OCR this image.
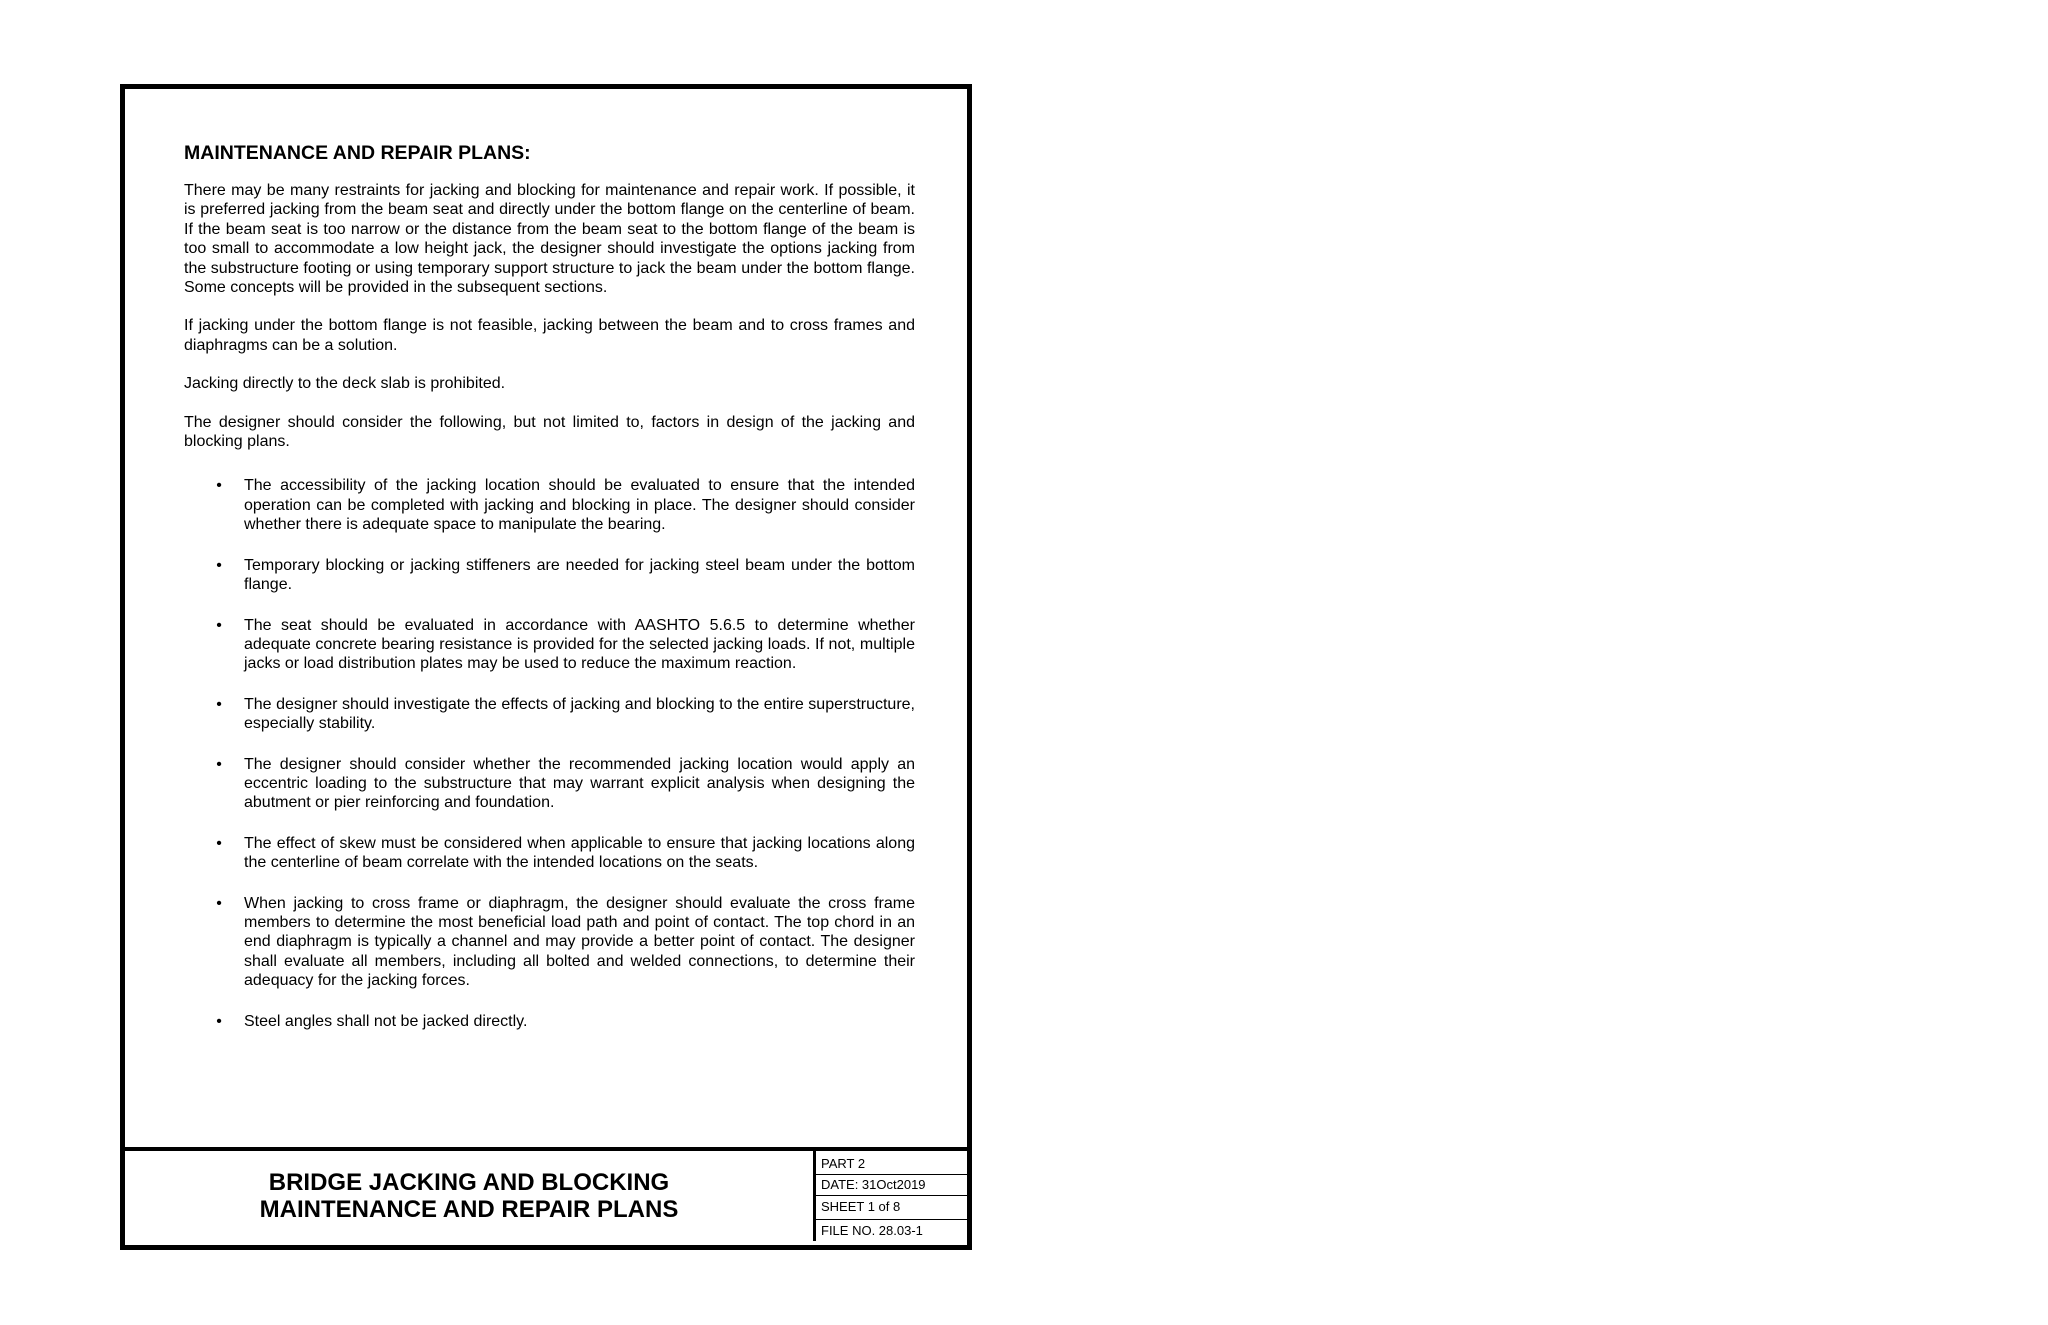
MAINTENANCE AND REPAIR PLANS:

There may be many restraints for jacking and blocking for maintenance and repair work. If possible, it is preferred jacking from the beam seat and directly under the bottom flange on the centerline of beam. If the beam seat is too narrow or the distance from the beam seat to the bottom flange of the beam is too small to accommodate a low height jack, the designer should investigate the options jacking from the substructure footing or using temporary support structure to jack the beam under the bottom flange. Some concepts will be provided in the subsequent sections.

If jacking under the bottom flange is not feasible, jacking between the beam and to cross frames and diaphragms can be a solution.

Jacking directly to the deck slab is prohibited.

The designer should consider the following, but not limited to, factors in design of the jacking and blocking plans.

• The accessibility of the jacking location should be evaluated to ensure that the intended operation can be completed with jacking and blocking in place. The designer should consider whether there is adequate space to manipulate the bearing.
• Temporary blocking or jacking stiffeners are needed for jacking steel beam under the bottom flange.
• The seat should be evaluated in accordance with AASHTO 5.6.5 to determine whether adequate concrete bearing resistance is provided for the selected jacking loads. If not, multiple jacks or load distribution plates may be used to reduce the maximum reaction.
• The designer should investigate the effects of jacking and blocking to the entire superstructure, especially stability.
• The designer should consider whether the recommended jacking location would apply an eccentric loading to the substructure that may warrant explicit analysis when designing the abutment or pier reinforcing and foundation.
• The effect of skew must be considered when applicable to ensure that jacking locations along the centerline of beam correlate with the intended locations on the seats.
• When jacking to cross frame or diaphragm, the designer should evaluate the cross frame members to determine the most beneficial load path and point of contact. The top chord in an end diaphragm is typically a channel and may provide a better point of contact. The designer shall evaluate all members, including all bolted and welded connections, to determine their adequacy for the jacking forces.
• Steel angles shall not be jacked directly.
BRIDGE JACKING AND BLOCKING
MAINTENANCE AND REPAIR PLANS
PART 2
DATE: 31Oct2019
SHEET 1 of 8
FILE NO. 28.03-1
